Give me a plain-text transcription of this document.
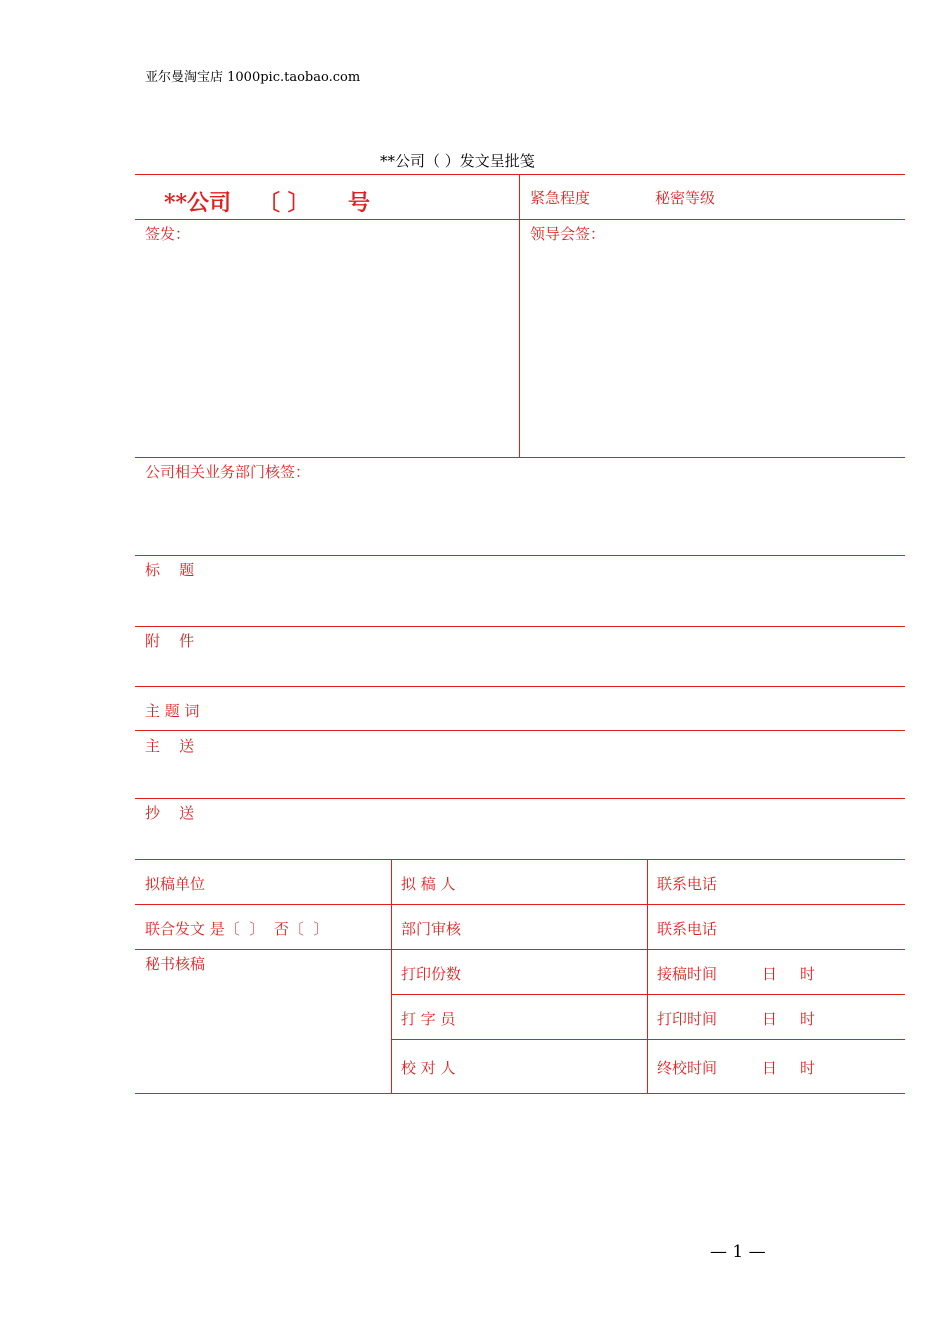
亚尔曼淘宝店 1000pic.taobao.com
**公司（ ）发文呈批笺
**公司 〔 〕 号	紧急程度	秘密等级
签发：	领导会签：
公司相关业务部门核签：
标    题
附    件
主 题 词
主    送
抄    送
拟稿单位	拟 稿 人	联系电话
联合发文 是〔  〕  否〔  〕	部门审核	联系电话
秘书核稿
打印份数	接稿时间	日 时
打 字 员	打印时间	日 时
校 对 人	终校时间	日 时
— 1 —
